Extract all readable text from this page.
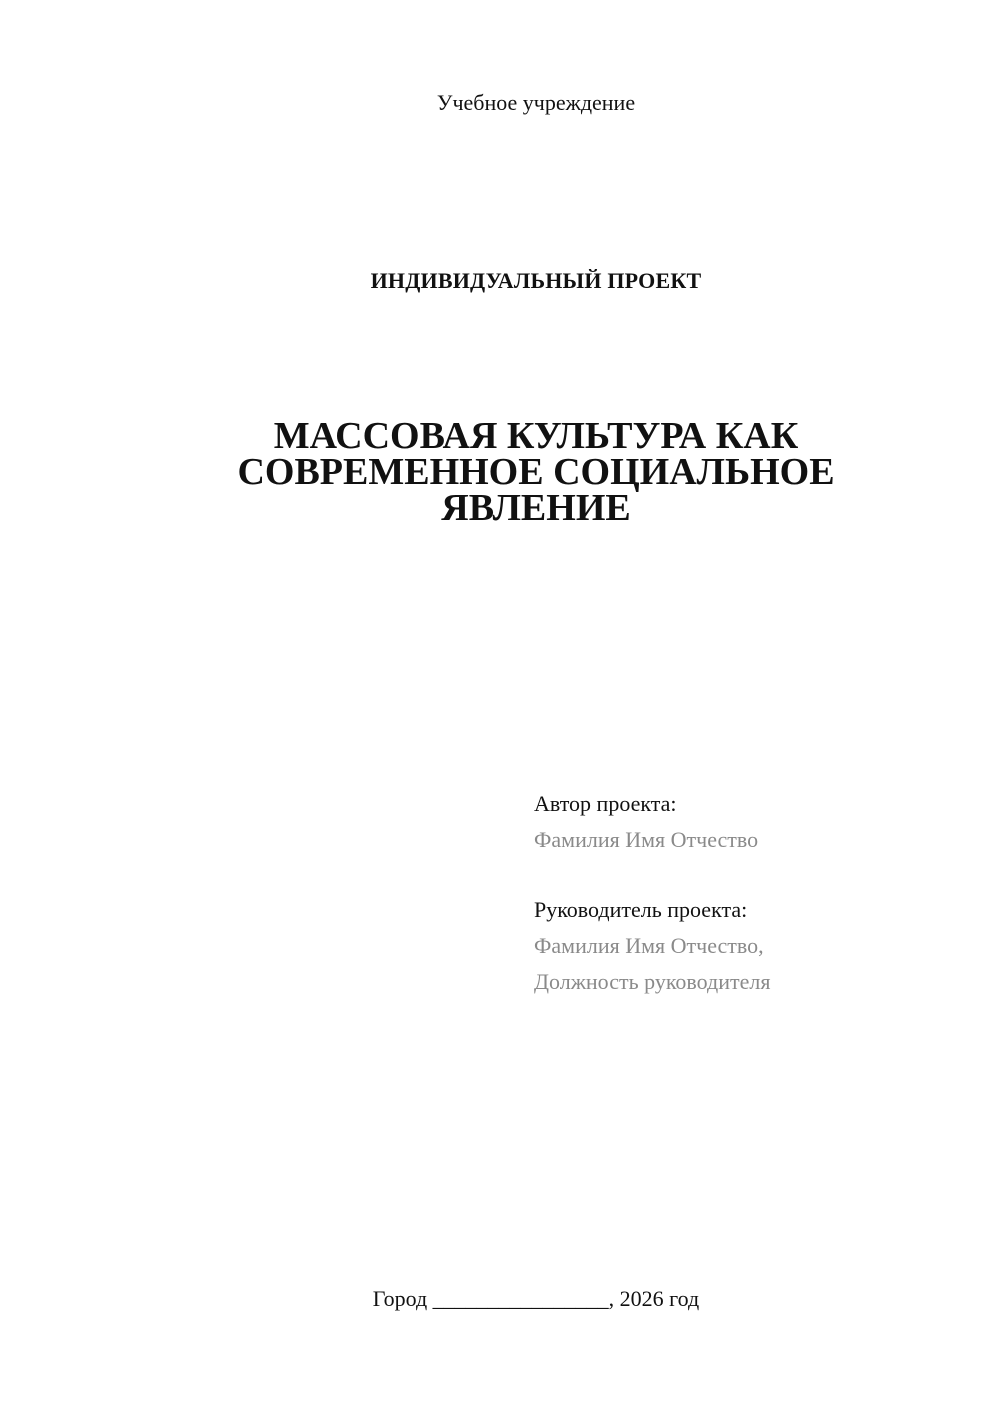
Учебное учреждение
ИНДИВИДУАЛЬНЫЙ ПРОЕКТ
МАССОВАЯ КУЛЬТУРА КАК
СОВРЕМЕННОЕ СОЦИАЛЬНОЕ
ЯВЛЕНИЕ
Автор проекта:
Фамилия Имя Отчество
Руководитель проекта:
Фамилия Имя Отчество,
Должность руководителя
Город ________________, 2026 год
